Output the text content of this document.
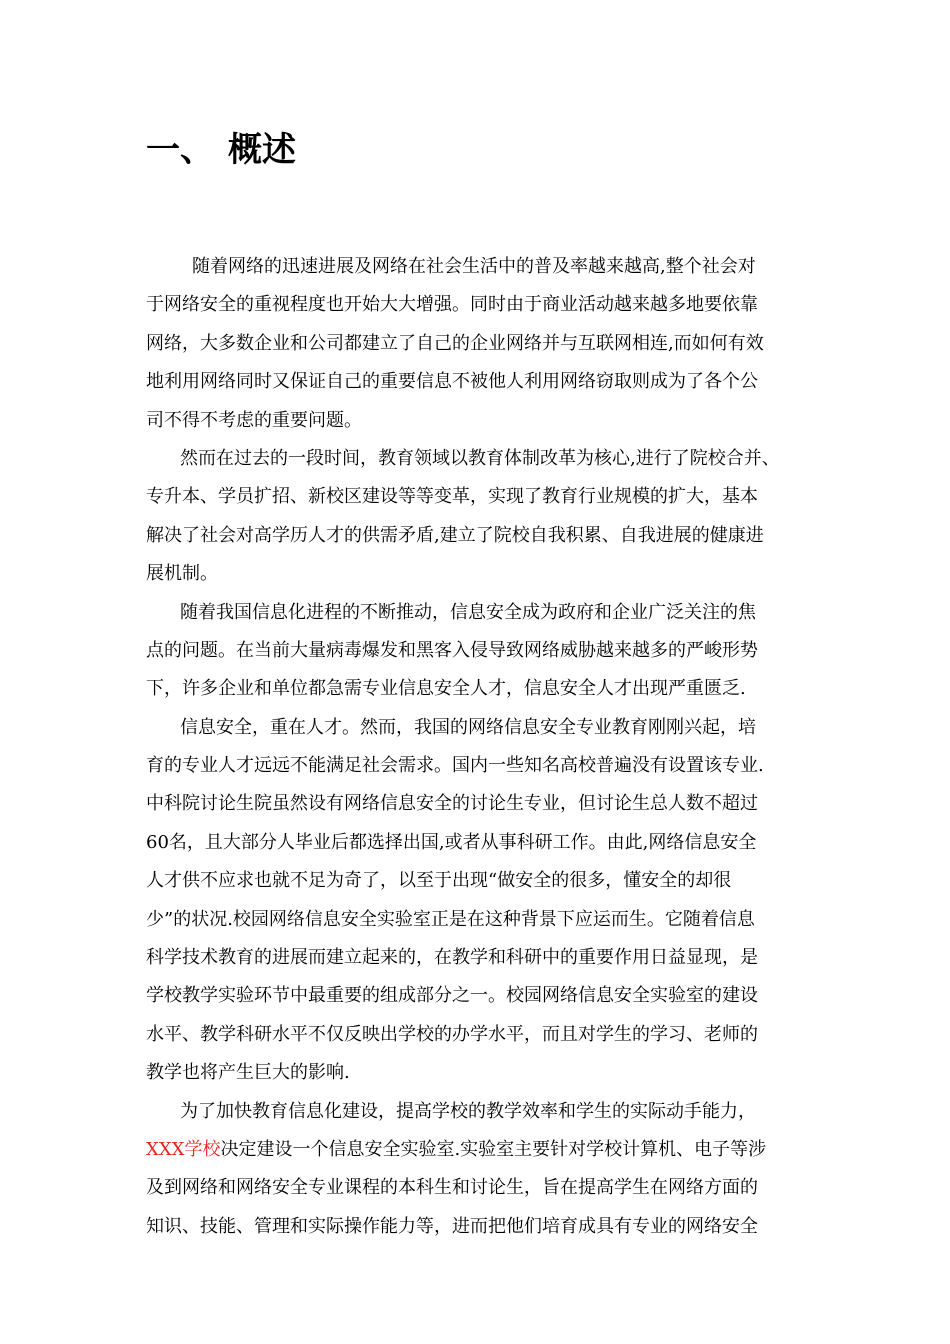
一、 概述
随着网络的迅速进展及网络在社会生活中的普及率越来越高,整个社会对
于网络安全的重视程度也开始大大增强。同时由于商业活动越来越多地要依靠
网络，大多数企业和公司都建立了自己的企业网络并与互联网相连,而如何有效
地利用网络同时又保证自己的重要信息不被他人利用网络窃取则成为了各个公
司不得不考虑的重要问题。
然而在过去的一段时间，教育领域以教育体制改革为核心,进行了院校合并、
专升本、学员扩招、新校区建设等等变革，实现了教育行业规模的扩大，基本
解决了社会对高学历人才的供需矛盾,建立了院校自我积累、自我进展的健康进
展机制。
随着我国信息化进程的不断推动，信息安全成为政府和企业广泛关注的焦
点的问题。在当前大量病毒爆发和黑客入侵导致网络威胁越来越多的严峻形势
下，许多企业和单位都急需专业信息安全人才，信息安全人才出现严重匮乏.
信息安全，重在人才。然而，我国的网络信息安全专业教育刚刚兴起，培
育的专业人才远远不能满足社会需求。国内一些知名高校普遍没有设置该专业.
中科院讨论生院虽然设有网络信息安全的讨论生专业，但讨论生总人数不超过
60名，且大部分人毕业后都选择出国,或者从事科研工作。由此,网络信息安全
人才供不应求也就不足为奇了，以至于出现“做安全的很多，懂安全的却很
少”的状况.校园网络信息安全实验室正是在这种背景下应运而生。它随着信息
科学技术教育的进展而建立起来的，在教学和科研中的重要作用日益显现，是
学校教学实验环节中最重要的组成部分之一。校园网络信息安全实验室的建设
水平、教学科研水平不仅反映出学校的办学水平，而且对学生的学习、老师的
教学也将产生巨大的影响.
为了加快教育信息化建设，提高学校的教学效率和学生的实际动手能力，
XXX学校决定建设一个信息安全实验室.实验室主要针对学校计算机、电子等涉
及到网络和网络安全专业课程的本科生和讨论生，旨在提高学生在网络方面的
知识、技能、管理和实际操作能力等，进而把他们培育成具有专业的网络安全
